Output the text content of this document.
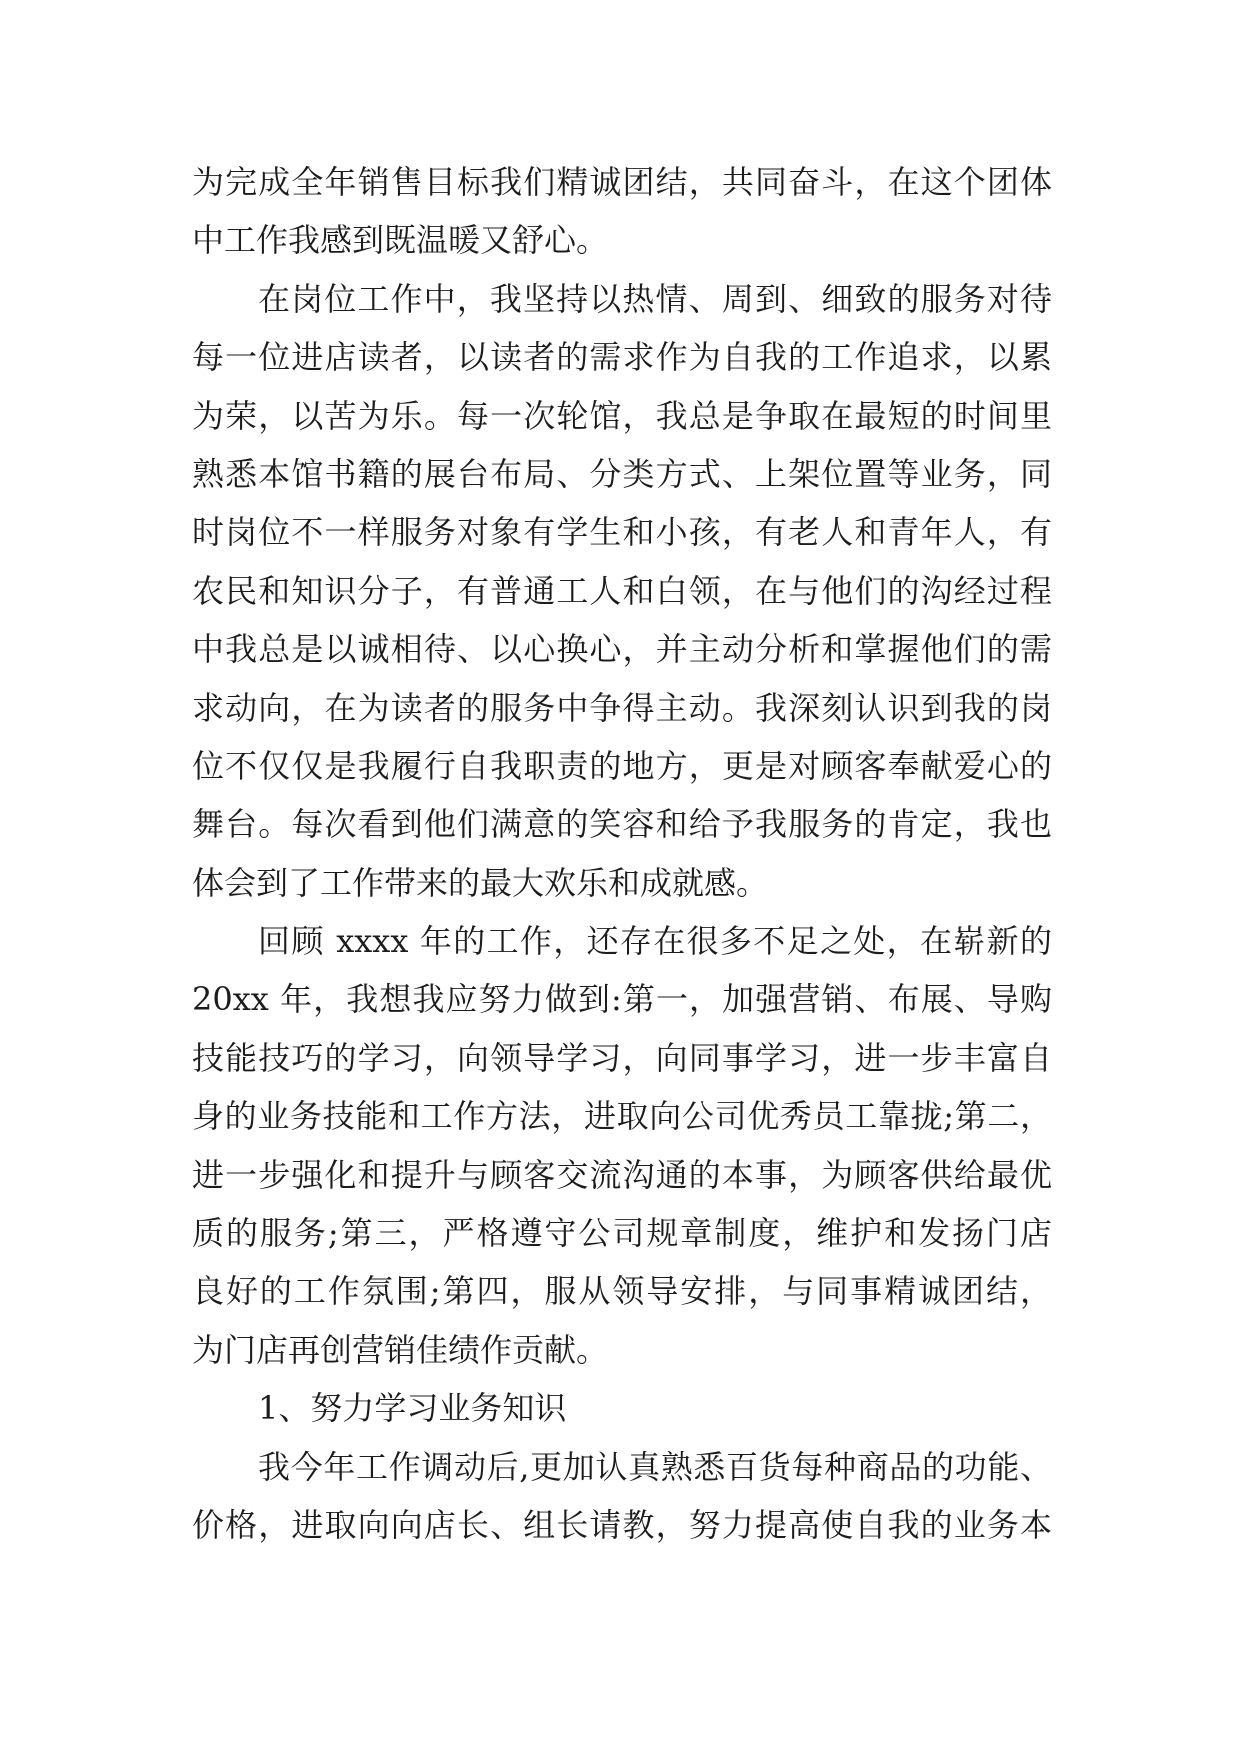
为完成全年销售目标我们精诚团结，共同奋斗，在这个团体
中工作我感到既温暖又舒心。
在岗位工作中，我坚持以热情、周到、细致的服务对待
每一位进店读者，以读者的需求作为自我的工作追求，以累
为荣，以苦为乐。每一次轮馆，我总是争取在最短的时间里
熟悉本馆书籍的展台布局、分类方式、上架位置等业务，同
时岗位不一样服务对象有学生和小孩，有老人和青年人，有
农民和知识分子，有普通工人和白领，在与他们的沟经过程
中我总是以诚相待、以心换心，并主动分析和掌握他们的需
求动向，在为读者的服务中争得主动。我深刻认识到我的岗
位不仅仅是我履行自我职责的地方，更是对顾客奉献爱心的
舞台。每次看到他们满意的笑容和给予我服务的肯定，我也
体会到了工作带来的最大欢乐和成就感。
回顾 xxxx 年的工作，还存在很多不足之处，在崭新的
20xx 年，我想我应努力做到:第一，加强营销、布展、导购
技能技巧的学习，向领导学习，向同事学习，进一步丰富自
身的业务技能和工作方法，进取向公司优秀员工靠拢;第二，
进一步强化和提升与顾客交流沟通的本事，为顾客供给最优
质的服务;第三，严格遵守公司规章制度，维护和发扬门店
良好的工作氛围;第四，服从领导安排，与同事精诚团结，
为门店再创营销佳绩作贡献。
1、努力学习业务知识
我今年工作调动后,更加认真熟悉百货每种商品的功能、
价格，进取向向店长、组长请教，努力提高使自我的业务本
